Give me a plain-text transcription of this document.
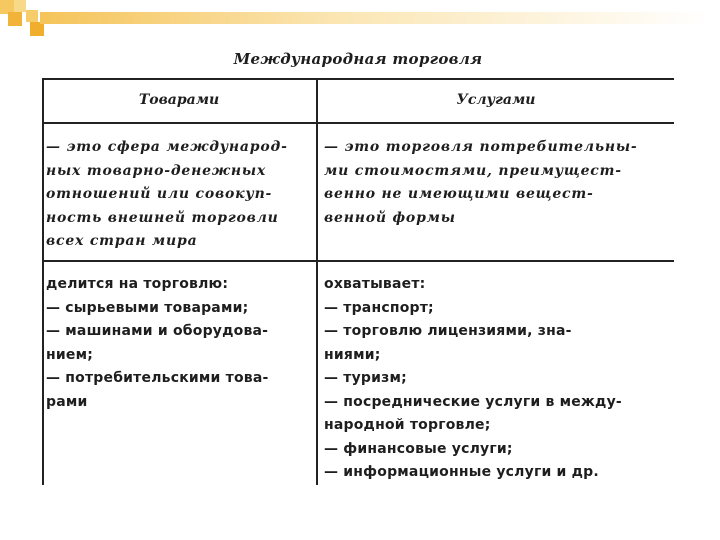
Международная торговля
Товарами	Услугами
— это сфера международ-
ных товарно-денежных
отношений или совокуп-
ность внешней торговли
всех стран мира
— это торговля потребительны-
ми стоимостями, преимущест-
венно не имеющими вещест-
венной формы
делится на торговлю:
— сырьевыми товарами;
— машинами и оборудова-
нием;
— потребительскими това-
рами
охватывает:
— транспорт;
— торговлю лицензиями, зна-
ниями;
— туризм;
— посреднические услуги в между-
народной торговле;
— финансовые услуги;
— информационные услуги и др.
